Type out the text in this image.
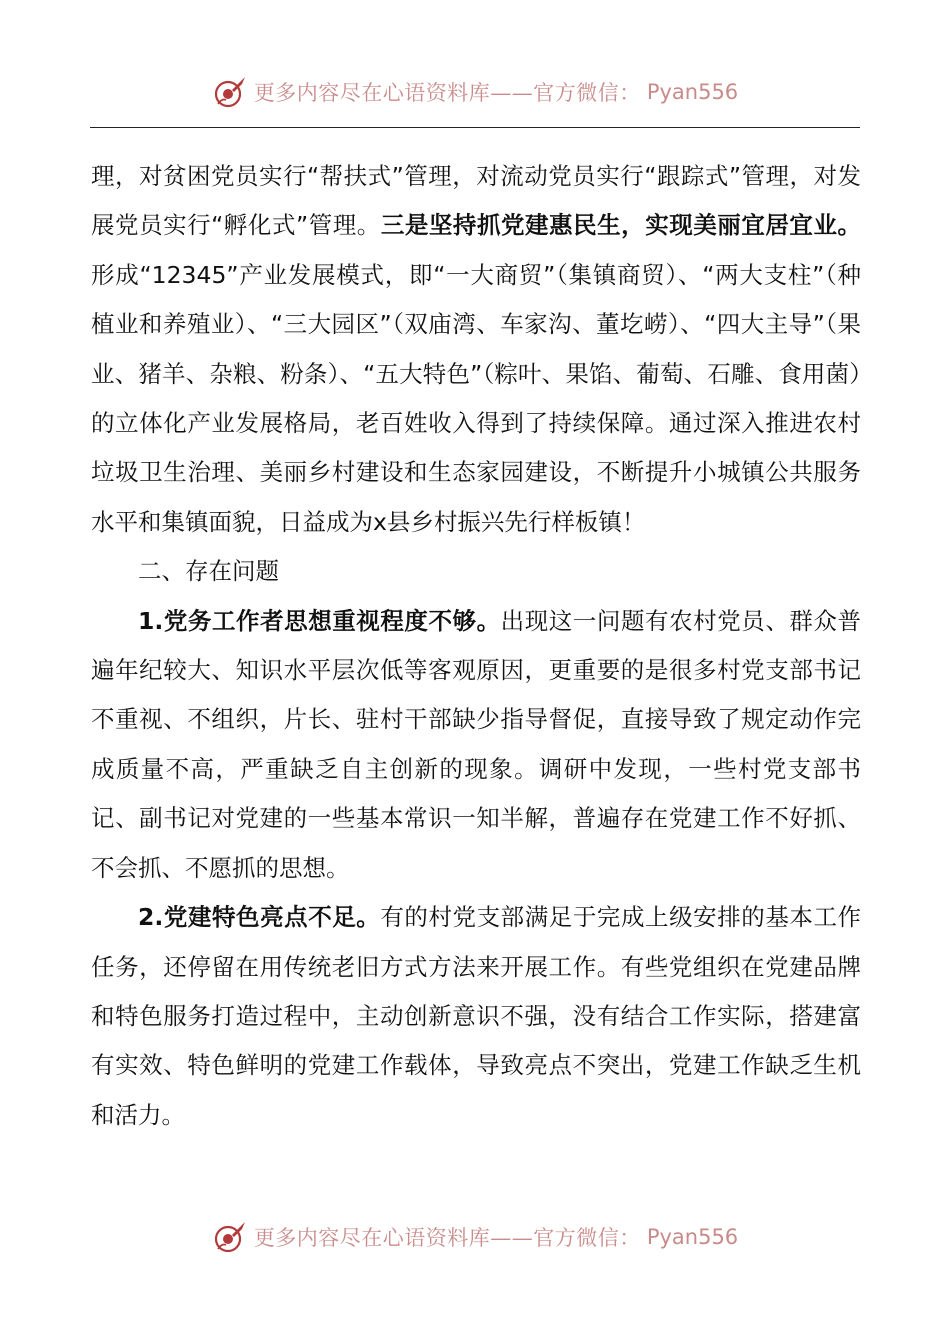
更多内容尽在心语资料库——官方微信： Pyan556

理，对贫困党员实行“帮扶式”管理，对流动党员实行“跟踪式”管理，对发展党员实行“孵化式”管理。三是坚持抓党建惠民生，实现美丽宜居宜业。形成“12345”产业发展模式，即“一大商贸”（集镇商贸）、“两大支柱”（种植业和养殖业）、“三大园区”（双庙湾、车家沟、董圪崂）、“四大主导”（果业、猪羊、杂粮、粉条）、“五大特色”（粽叶、果馅、葡萄、石雕、食用菌）的立体化产业发展格局，老百姓收入得到了持续保障。通过深入推进农村垃圾卫生治理、美丽乡村建设和生态家园建设，不断提升小城镇公共服务水平和集镇面貌，日益成为x县乡村振兴先行样板镇！

二、存在问题

1.党务工作者思想重视程度不够。出现这一问题有农村党员、群众普遍年纪较大、知识水平层次低等客观原因，更重要的是很多村党支部书记不重视、不组织，片长、驻村干部缺少指导督促，直接导致了规定动作完成质量不高，严重缺乏自主创新的现象。调研中发现，一些村党支部书记、副书记对党建的一些基本常识一知半解，普遍存在党建工作不好抓、不会抓、不愿抓的思想。

2.党建特色亮点不足。有的村党支部满足于完成上级安排的基本工作任务，还停留在用传统老旧方式方法来开展工作。有些党组织在党建品牌和特色服务打造过程中，主动创新意识不强，没有结合工作实际，搭建富有实效、特色鲜明的党建工作载体，导致亮点不突出，党建工作缺乏生机和活力。

更多内容尽在心语资料库——官方微信： Pyan556
